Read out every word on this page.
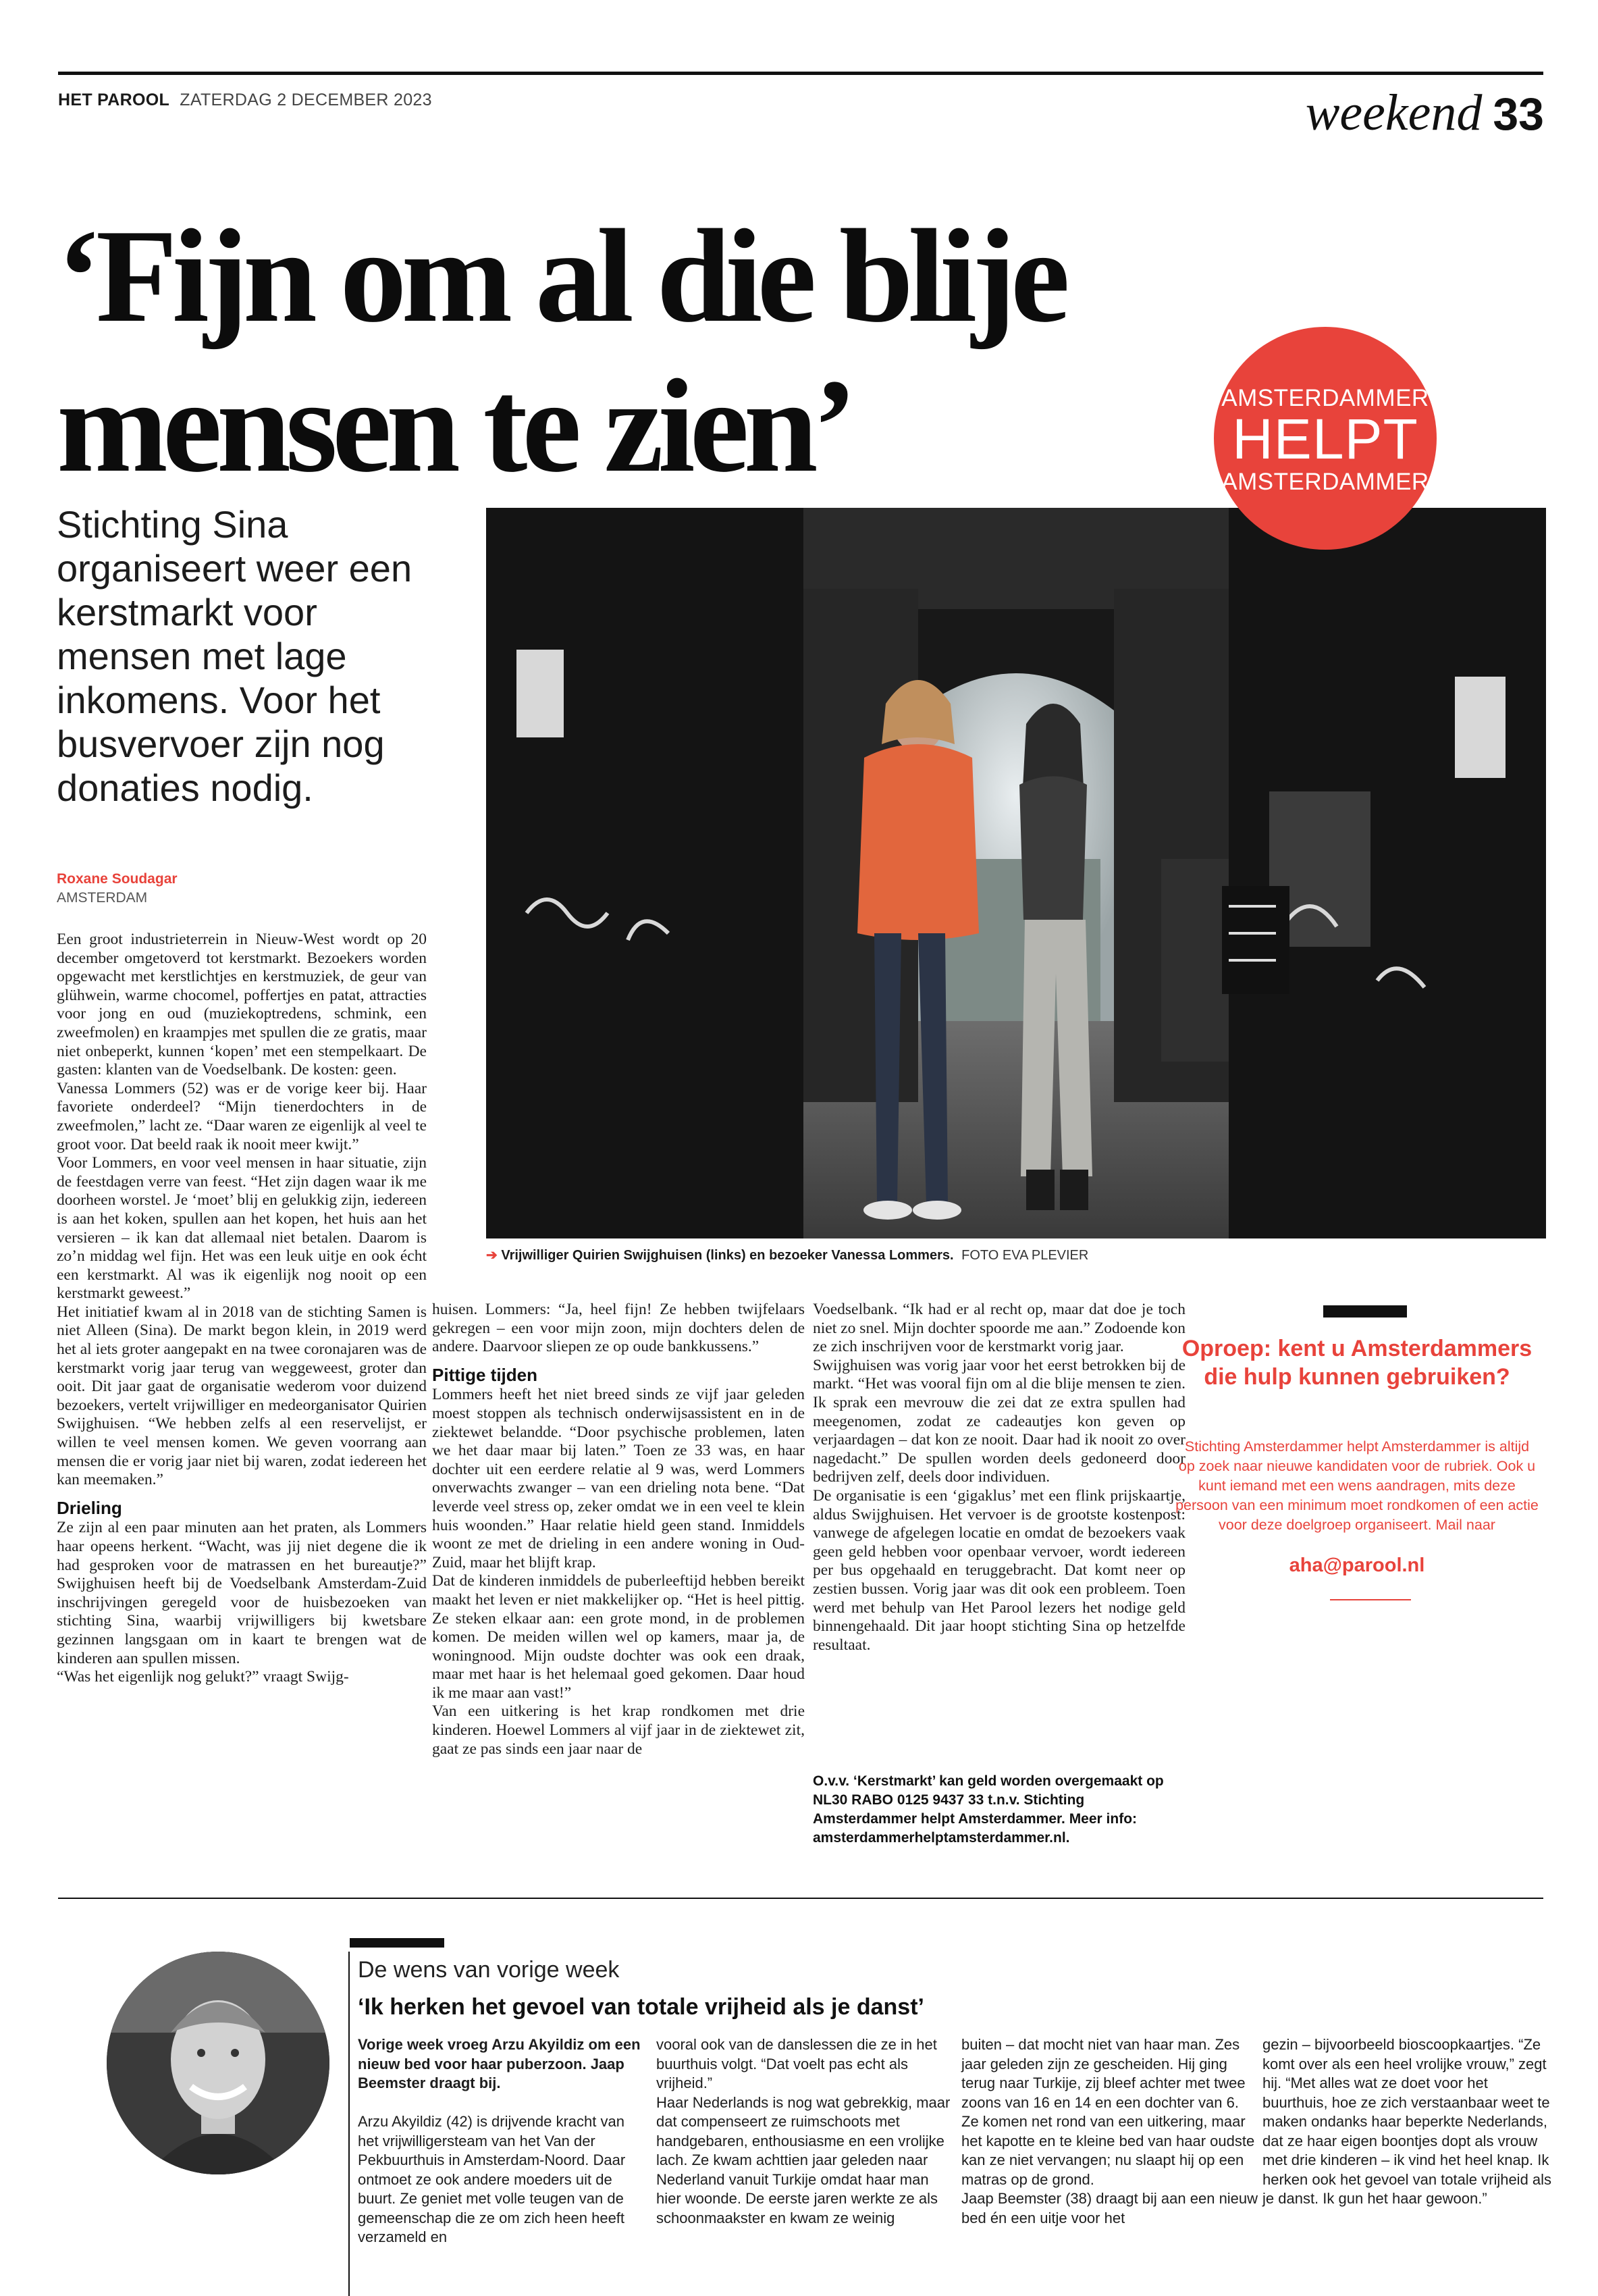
HET PAROOL ZATERDAG 2 DECEMBER 2023	weekend 33
‘Fijn om al die blije
mensen te zien’	AMSTERDAMMER
HELPT
AMSTERDAMMER
Stichting Sina organiseert weer een kerstmarkt voor mensen met lage inkomens. Voor het busvervoer zijn nog donaties nodig.
➔ Vrijwilliger Quirien Swijghuisen (links) en bezoeker Vanessa Lommers. FOTO EVA PLEVIER
Roxane Soudagar
AMSTERDAM
Een groot industrieterrein in Nieuw-West wordt op 20 december omgetoverd tot kerstmarkt. Bezoekers worden opgewacht met kerstlichtjes en kerstmuziek, de geur van glühwein, warme chocomel, poffertjes en patat, attracties voor jong en oud (muziekoptredens, schmink, een zweefmolen) en kraampjes met spullen die ze gratis, maar niet onbeperkt, kunnen ‘kopen’ met een stempelkaart. De gasten: klanten van de Voedselbank. De kosten: geen.
Vanessa Lommers (52) was er de vorige keer bij. Haar favoriete onderdeel? “Mijn tienerdochters in de zweefmolen,” lacht ze. “Daar waren ze eigenlijk al veel te groot voor. Dat beeld raak ik nooit meer kwijt.”
Voor Lommers, en voor veel mensen in haar situatie, zijn de feestdagen verre van feest. “Het zijn dagen waar ik me doorheen worstel. Je ‘moet’ blij en gelukkig zijn, iedereen is aan het koken, spullen aan het kopen, het huis aan het versieren – ik kan dat allemaal niet betalen. Daarom is zo’n middag wel fijn. Het was een leuk uitje en ook écht een kerstmarkt. Al was ik eigenlijk nog nooit op een kerstmarkt geweest.”
Het initiatief kwam al in 2018 van de stichting Samen is niet Alleen (Sina). De markt begon klein, in 2019 werd het al iets groter aangepakt en na twee coronajaren was de kerstmarkt vorig jaar terug van weggeweest, groter dan ooit. Dit jaar gaat de organisatie wederom voor duizend bezoekers, vertelt vrijwilliger en medeorganisator Quirien Swijghuisen. “We hebben zelfs al een reservelijst, er willen te veel mensen komen. We geven voorrang aan mensen die er vorig jaar niet bij waren, zodat iedereen het kan meemaken.”
Drieling
Ze zijn al een paar minuten aan het praten, als Lommers haar opeens herkent. “Wacht, was jij niet degene die ik had gesproken voor de matrassen en het bureautje?” Swijghuisen heeft bij de Voedselbank Amsterdam-Zuid inschrijvingen geregeld voor de huisbezoeken van stichting Sina, waarbij vrijwilligers bij kwetsbare gezinnen langsgaan om in kaart te brengen wat de kinderen aan spullen missen.
“Was het eigenlijk nog gelukt?” vraagt Swijg-
huisen. Lommers: “Ja, heel fijn! Ze hebben twijfelaars gekregen – een voor mijn zoon, mijn dochters delen de andere. Daarvoor sliepen ze op oude bankkussens.”
Pittige tijden
Lommers heeft het niet breed sinds ze vijf jaar geleden moest stoppen als technisch onderwijsassistent en in de ziektewet belandde. “Door psychische problemen, laten we het daar maar bij laten.” Toen ze 33 was, en haar dochter uit een eerdere relatie al 9 was, werd Lommers onverwachts zwanger – van een drieling nota bene. “Dat leverde veel stress op, zeker omdat we in een veel te klein huis woonden.” Haar relatie hield geen stand. Inmiddels woont ze met de drieling in een andere woning in Oud-Zuid, maar het blijft krap.
Dat de kinderen inmiddels de puberleeftijd hebben bereikt maakt het leven er niet makkelijker op. “Het is heel pittig. Ze steken elkaar aan: een grote mond, in de problemen komen. De meiden willen wel op kamers, maar ja, de woningnood. Mijn oudste dochter was ook een draak, maar met haar is het helemaal goed gekomen. Daar houd ik me maar aan vast!”
Van een uitkering is het krap rondkomen met drie kinderen. Hoewel Lommers al vijf jaar in de ziektewet zit, gaat ze pas sinds een jaar naar de
Voedselbank. “Ik had er al recht op, maar dat doe je toch niet zo snel. Mijn dochter spoorde me aan.” Zodoende kon ze zich inschrijven voor de kerstmarkt vorig jaar.
Swijghuisen was vorig jaar voor het eerst betrokken bij de markt. “Het was vooral fijn om al die blije mensen te zien. Ik sprak een mevrouw die zei dat ze extra spullen had meegenomen, zodat ze cadeautjes kon geven op verjaardagen – dat kon ze nooit. Daar had ik nooit zo over nagedacht.” De spullen worden deels gedoneerd door bedrijven zelf, deels door individuen.
De organisatie is een ‘gigaklus’ met een flink prijskaartje, aldus Swijghuisen. Het vervoer is de grootste kostenpost: vanwege de afgelegen locatie en omdat de bezoekers vaak geen geld hebben voor openbaar vervoer, wordt iedereen per bus opgehaald en teruggebracht. Dat komt neer op zestien bussen. Vorig jaar was dit ook een probleem. Toen werd met behulp van Het Parool lezers het nodige geld binnengehaald. Dit jaar hoopt stichting Sina op hetzelfde resultaat.
O.v.v. ‘Kerstmarkt’ kan geld worden overgemaakt op NL30 RABO 0125 9437 33 t.n.v. Stichting Amsterdammer helpt Amsterdammer. Meer info: amsterdammerhelptamsterdammer.nl.
Oproep: kent u Amsterdammers die hulp kunnen gebruiken?
Stichting Amsterdammer helpt Amsterdammer is altijd op zoek naar nieuwe kandidaten voor de rubriek. Ook u kunt iemand met een wens aandragen, mits deze persoon van een minimum moet rondkomen of een actie voor deze doelgroep organiseert. Mail naar
aha@parool.nl
De wens van vorige week
‘Ik herken het gevoel van totale vrijheid als je danst’
Vorige week vroeg Arzu Akyildiz om een nieuw bed voor haar puberzoon. Jaap Beemster draagt bij.

Arzu Akyildiz (42) is drijvende kracht van het vrijwilligersteam van het Van der Pekbuurthuis in Amsterdam-Noord. Daar ontmoet ze ook andere moeders uit de buurt. Ze geniet met volle teugen van de gemeenschap die ze om zich heen heeft verzameld en
vooral ook van de danslessen die ze in het buurthuis volgt. “Dat voelt pas echt als vrijheid.”
Haar Nederlands is nog wat gebrekkig, maar dat compenseert ze ruimschoots met handgebaren, enthousiasme en een vrolijke lach. Ze kwam achttien jaar geleden naar Nederland vanuit Turkije omdat haar man hier woonde. De eerste jaren werkte ze als schoonmaakster en kwam ze weinig
buiten – dat mocht niet van haar man. Zes jaar geleden zijn ze gescheiden. Hij ging terug naar Turkije, zij bleef achter met twee zoons van 16 en 14 en een dochter van 6. Ze komen net rond van een uitkering, maar het kapotte en te kleine bed van haar oudste kan ze niet vervangen; nu slaapt hij op een matras op de grond.
Jaap Beemster (38) draagt bij aan een nieuw bed én een uitje voor het
gezin – bijvoorbeeld bioscoopkaartjes. “Ze komt over als een heel vrolijke vrouw,” zegt hij. “Met alles wat ze doet voor het buurthuis, hoe ze zich verstaanbaar weet te maken ondanks haar beperkte Nederlands, dat ze haar eigen boontjes dopt als vrouw met drie kinderen – ik vind het heel knap. Ik herken ook het gevoel van totale vrijheid als je danst. Ik gun het haar gewoon.”
